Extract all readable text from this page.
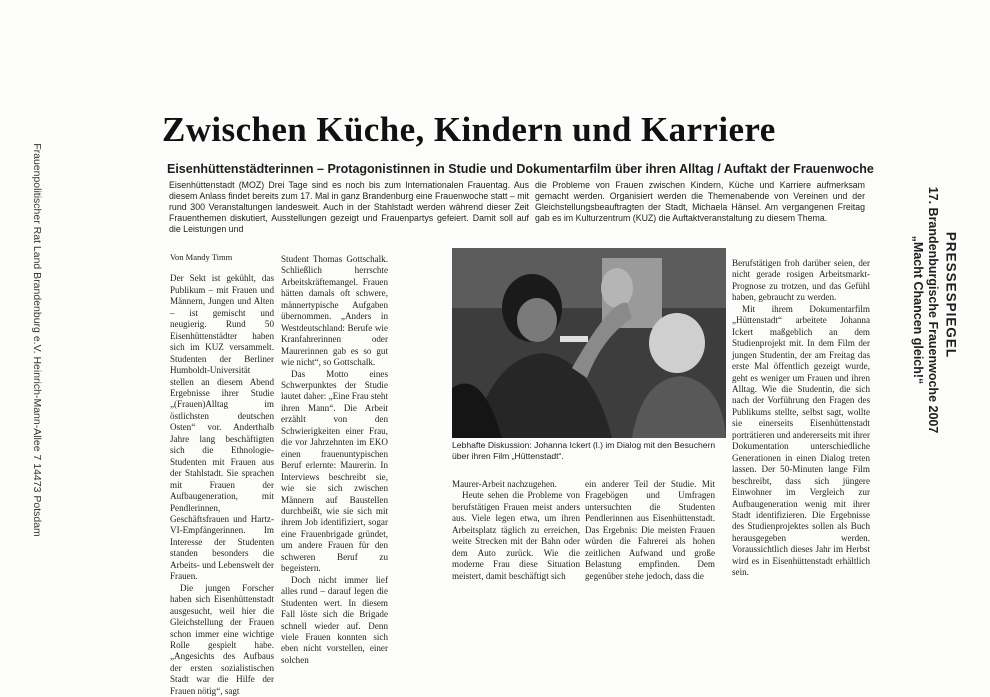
Frauenpolitischer Rat Land Brandenburg e.V. Heinrich-Mann-Allee 7 14473 Potsdam	PRESSESPIEGEL
17. Brandenburgische Frauenwoche 2007
„Macht Chancen gleich!“
Zwischen Küche, Kindern und Karriere
Eisenhüttenstädterinnen – Protagonistinnen in Studie und Dokumentarfilm über ihren Alltag / Auftakt der Frauenwoche
Eisenhüttenstadt (MOZ) Drei Tage sind es noch bis zum Internationalen Frauentag. Aus diesem Anlass findet bereits zum 17. Mal in ganz Brandenburg eine Frauenwoche statt – mit rund 300 Veranstaltungen landesweit. Auch in der Stahlstadt werden während dieser Zeit Frauenthemen diskutiert, Ausstellungen gezeigt und Frauenpartys gefeiert. Damit soll auf die Leistungen und
die Probleme von Frauen zwischen Kindern, Küche und Karriere aufmerksam gemacht werden. Organisiert werden die Themenabende von Vereinen und der Gleichstellungsbeauftragten der Stadt, Michaela Hänsel. Am vergangenen Freitag gab es im Kulturzentrum (KUZ) die Auftaktveranstaltung zu diesem Thema.
Von Mandy Timm

Der Sekt ist gekühlt, das Publikum – mit Frauen und Männern, Jungen und Alten – ist gemischt und neugierig. Rund 50 Eisenhüttenstädter haben sich im KUZ versammelt. Studenten der Berliner Humboldt-Universität stellen an diesem Abend Ergebnisse ihrer Studie „(Frauen)Alltag im östlichsten deutschen Osten“ vor. Anderthalb Jahre lang beschäftigten sich die Ethnologie-Studenten mit Frauen aus der Stahlstadt. Sie sprachen mit Frauen der Aufbaugeneration, mit Pendlerinnen, Geschäftsfrauen und Hartz-VI-Empfängerinnen. Im Interesse der Studenten standen besonders die Arbeits- und Lebenswelt der Frauen.

Die jungen Forscher haben sich Eisenhüttenstadt ausgesucht, weil hier die Gleichstellung der Frauen schon immer eine wichtige Rolle gespielt habe. „Angesichts des Aufbaus der ersten sozialistischen Stadt war die Hilfe der Frauen nötig“, sagt

Student Thomas Gottschalk. Schließlich herrschte Arbeitskräftemangel. Frauen hätten damals oft schwere, männertypische Aufgaben übernommen. „Anders in Westdeutschland: Berufe wie Kranfahrerinnen oder Maurerinnen gab es so gut wie nicht“, so Gottschalk.

Das Motto eines Schwerpunktes der Studie lautet daher: „Eine Frau steht ihren Mann“. Die Arbeit erzählt von den Schwierigkeiten einer Frau, die vor Jahrzehnten im EKO einen frauenuntypischen Beruf erlernte: Maurerin. In Interviews beschreibt sie, wie sie sich zwischen Männern auf Baustellen durchbeißt, wie sie sich mit ihrem Job identifiziert, sogar eine Frauenbrigade gründet, um andere Frauen für den schweren Beruf zu begeistern.

Doch nicht immer lief alles rund – darauf legen die Studenten wert. In diesem Fall löste sich die Brigade schnell wieder auf. Denn viele Frauen konnten sich eben nicht vorstellen, einer solchen

Lebhafte Diskussion: Johanna Ickert (l.) im Dialog mit den Besuchern über ihren Film „Hüttenstadt“.

Maurer-Arbeit nachzugehen.

Heute sehen die Probleme von berufstätigen Frauen meist anders aus. Viele legen etwa, um ihren Arbeitsplatz täglich zu erreichen, weite Strecken mit der Bahn oder dem Auto zurück. Wie die moderne Frau diese Situation meistert, damit beschäftigt sich

ein anderer Teil der Studie. Mit Fragebögen und Umfragen untersuchten die Studenten Pendlerinnen aus Eisenhüttenstadt. Das Ergebnis: Die meisten Frauen würden die Fahrerei als hohen zeitlichen Aufwand und große Belastung empfinden. Dem gegenüber stehe jedoch, dass die

Berufstätigen froh darüber seien, der nicht gerade rosigen Arbeitsmarkt-Prognose zu trotzen, und das Gefühl haben, gebraucht zu werden.

Mit ihrem Dokumentarfilm „Hüttenstadt“ arbeitete Johanna Ickert maßgeblich an dem Studienprojekt mit. In dem Film der jungen Studentin, der am Freitag das erste Mal öffentlich gezeigt wurde, geht es weniger um Frauen und ihren Alltag. Wie die Studentin, die sich nach der Vorführung den Fragen des Publikums stellte, selbst sagt, wollte sie einerseits Eisenhüttenstadt porträtieren und andererseits mit ihrer Dokumentation unterschiedliche Generationen in einen Dialog treten lassen. Der 50-Minuten lange Film beschreibt, dass sich jüngere Einwohner im Vergleich zur Aufbaugeneration wenig mit ihrer Stadt identifizieren. Die Ergebnisse des Studienprojektes sollen als Buch herausgegeben werden. Voraussichtlich dieses Jahr im Herbst wird es in Eisenhüttenstadt erhältlich sein.
